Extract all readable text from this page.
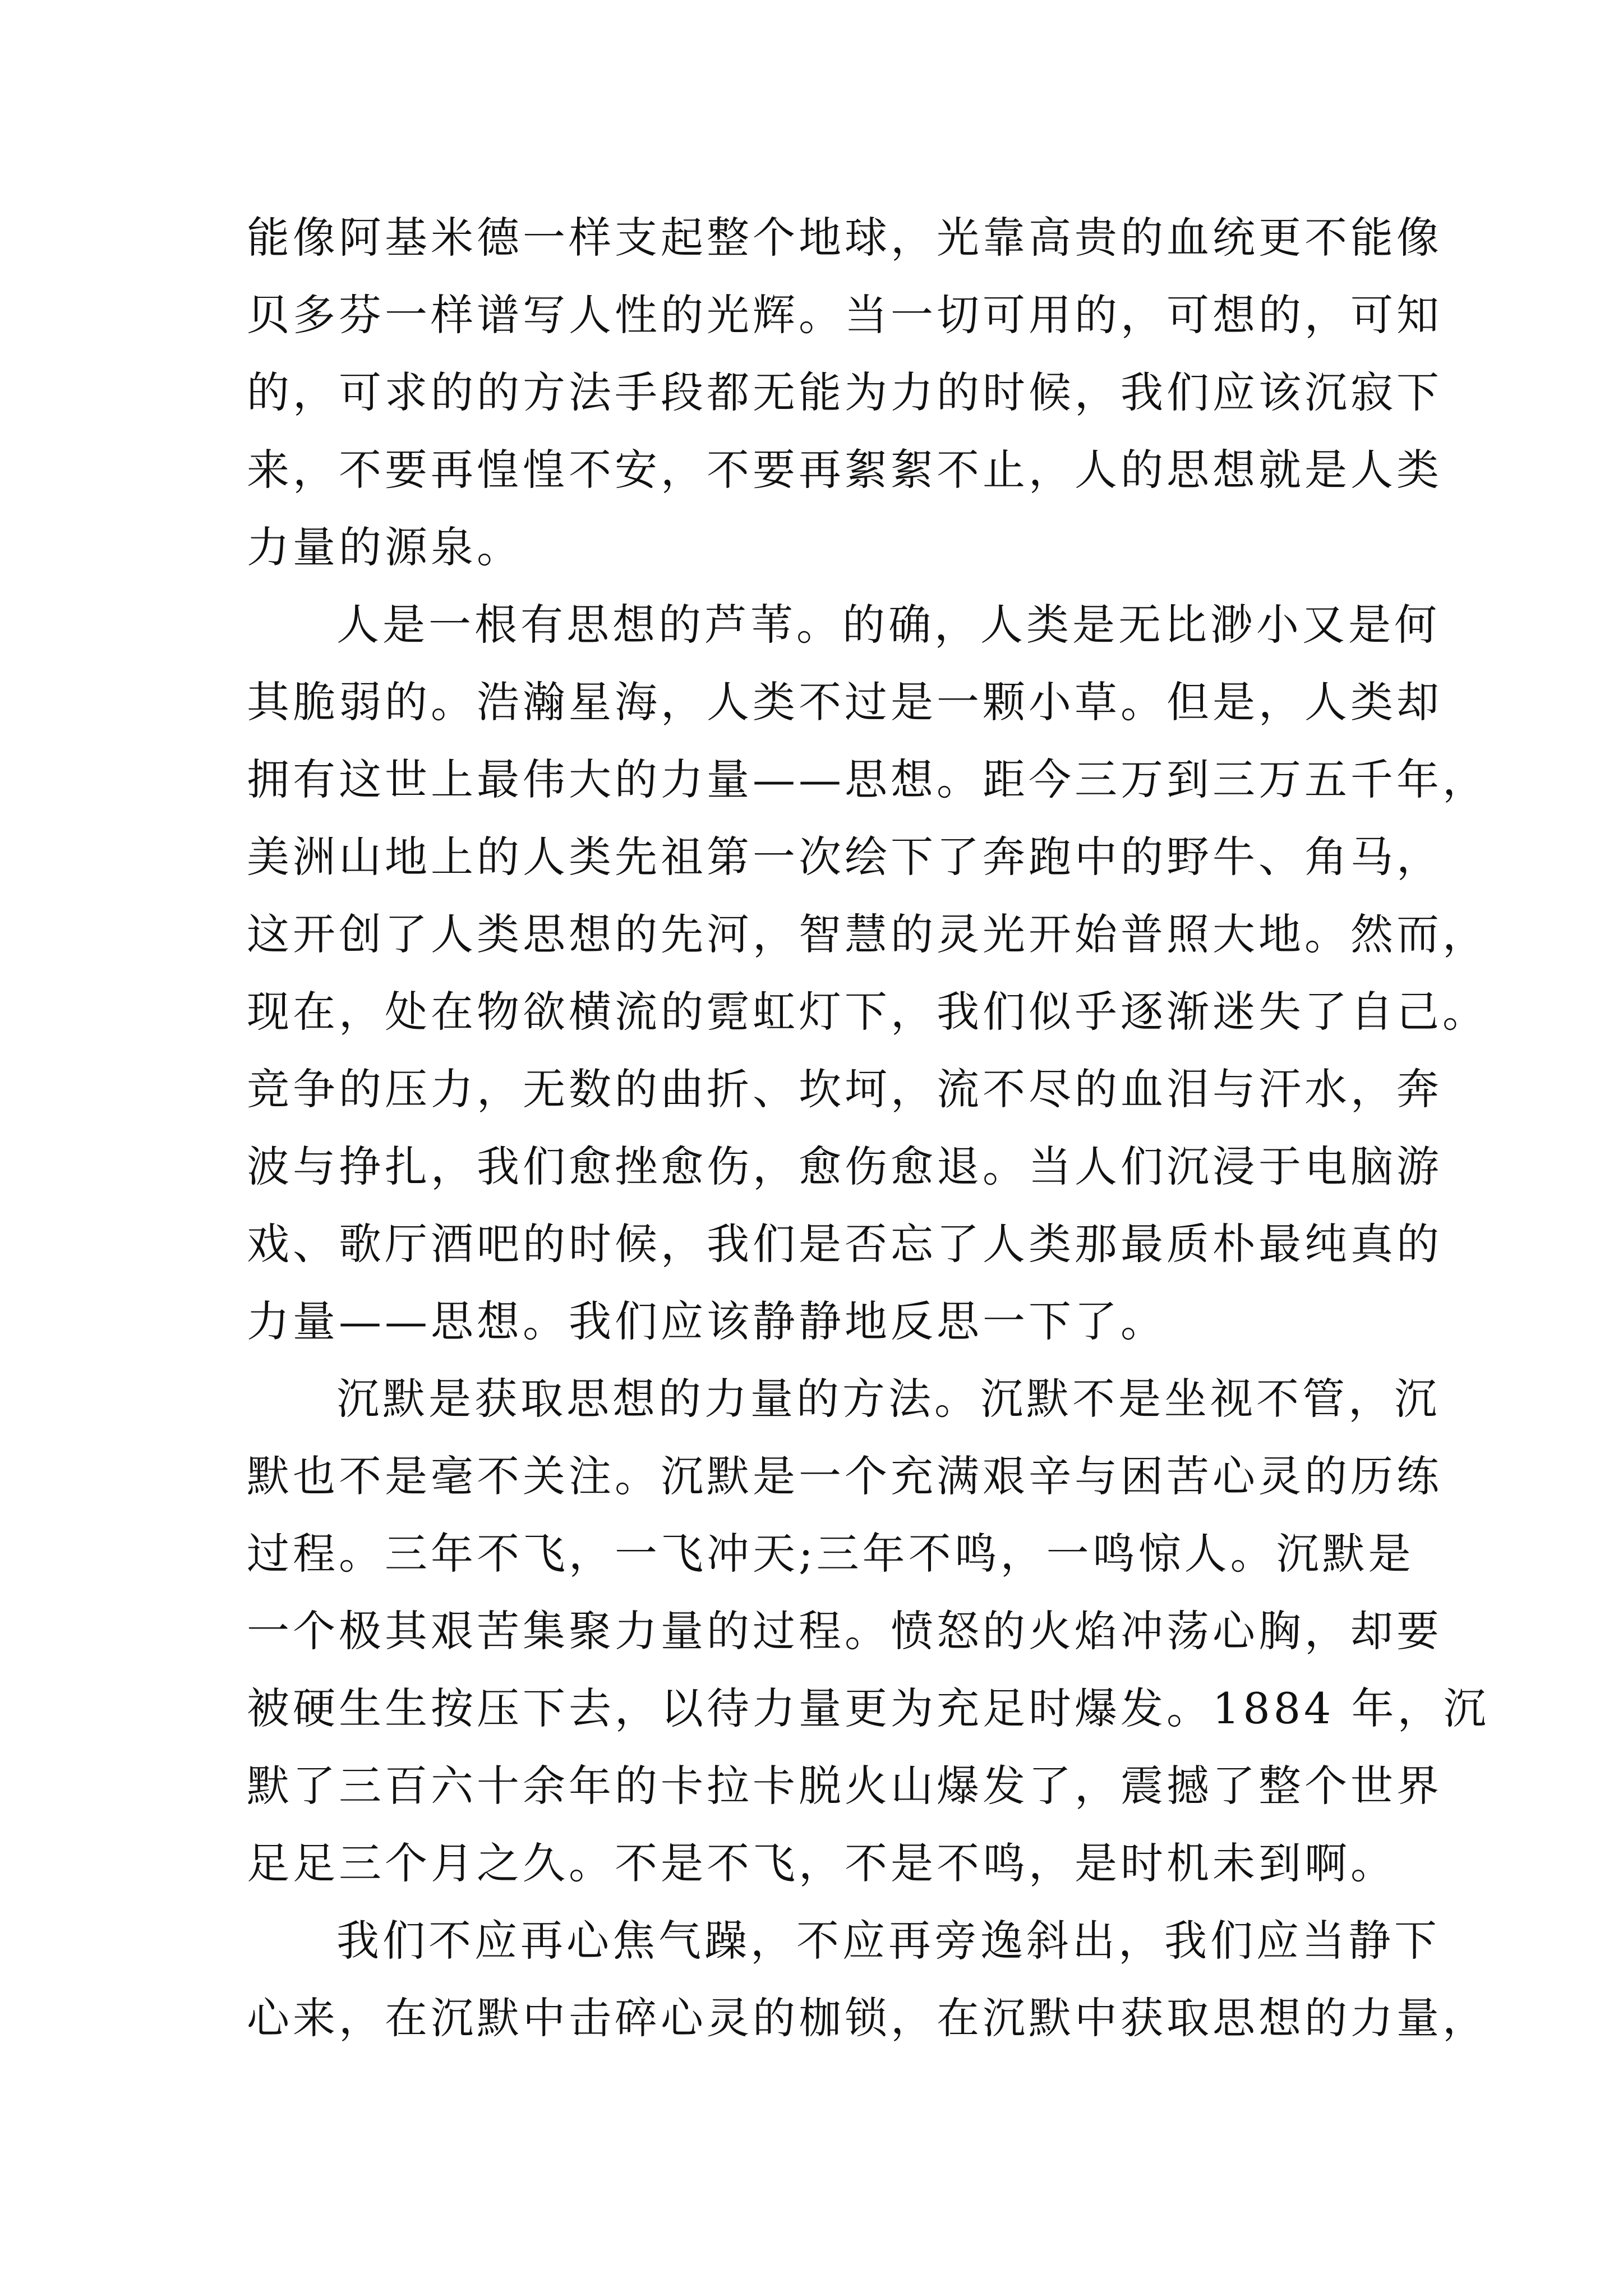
能像阿基米德一样支起整个地球，光靠高贵的血统更不能像
贝多芬一样谱写人性的光辉。当一切可用的，可想的，可知
的，可求的的方法手段都无能为力的时候，我们应该沉寂下
来，不要再惶惶不安，不要再絮絮不止，人的思想就是人类
力量的源泉。
人是一根有思想的芦苇。的确，人类是无比渺小又是何
其脆弱的。浩瀚星海，人类不过是一颗小草。但是，人类却
拥有这世上最伟大的力量——思想。距今三万到三万五千年，
美洲山地上的人类先祖第一次绘下了奔跑中的野牛、角马，
这开创了人类思想的先河，智慧的灵光开始普照大地。然而，
现在，处在物欲横流的霓虹灯下，我们似乎逐渐迷失了自己。
竞争的压力，无数的曲折、坎坷，流不尽的血泪与汗水，奔
波与挣扎，我们愈挫愈伤，愈伤愈退。当人们沉浸于电脑游
戏、歌厅酒吧的时候，我们是否忘了人类那最质朴最纯真的
力量——思想。我们应该静静地反思一下了。
沉默是获取思想的力量的方法。沉默不是坐视不管，沉
默也不是毫不关注。沉默是一个充满艰辛与困苦心灵的历练
过程。三年不飞，一飞冲天;三年不鸣，一鸣惊人。沉默是
一个极其艰苦集聚力量的过程。愤怒的火焰冲荡心胸，却要
被硬生生按压下去，以待力量更为充足时爆发。1884 年，沉
默了三百六十余年的卡拉卡脱火山爆发了，震撼了整个世界
足足三个月之久。不是不飞，不是不鸣，是时机未到啊。
我们不应再心焦气躁，不应再旁逸斜出，我们应当静下
心来，在沉默中击碎心灵的枷锁，在沉默中获取思想的力量，
